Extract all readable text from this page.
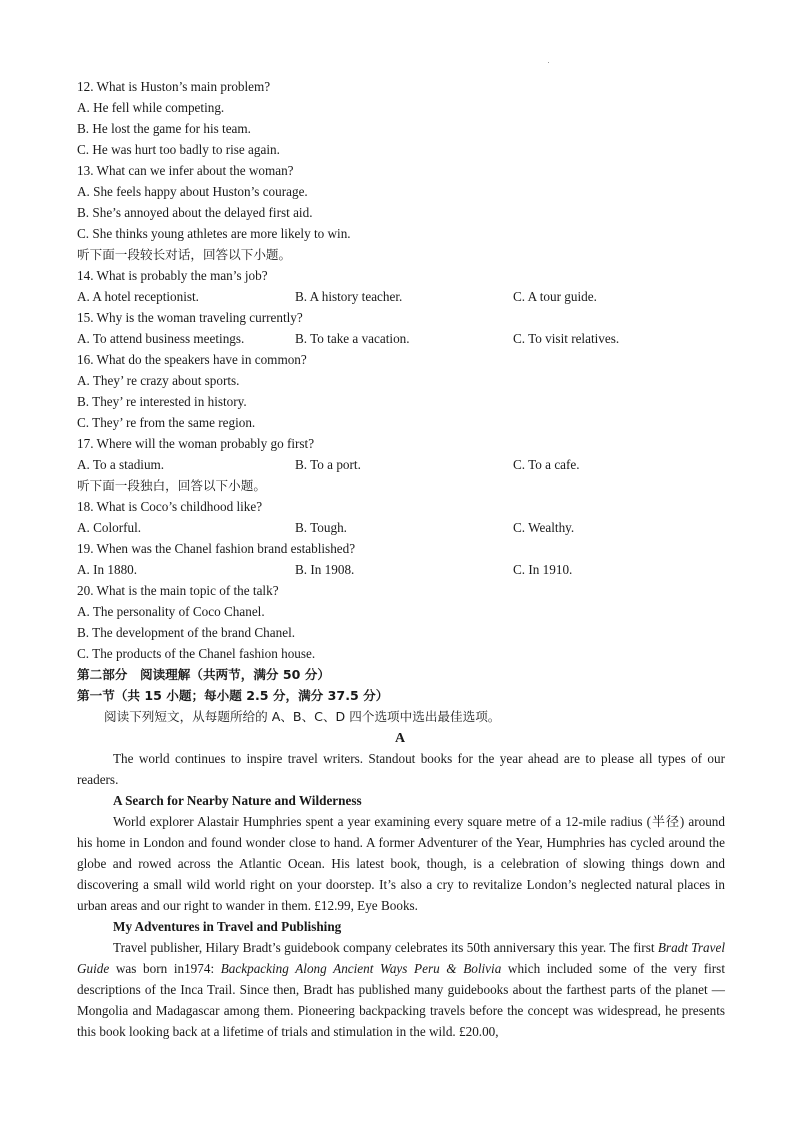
12. What is Huston’s main problem?
A. He fell while competing.
B. He lost the game for his team.
C. He was hurt too badly to rise again.
13. What can we infer about the woman?
A. She feels happy about Huston’s courage.
B. She’s annoyed about the delayed first aid.
C. She thinks young athletes are more likely to win.
听下面一段较长对话，回答以下小题。
14. What is probably the man’s job?
A. A hotel receptionist.	B. A history teacher.	C. A tour guide.
15. Why is the woman traveling currently?
A. To attend business meetings.	B. To take a vacation.	C. To visit relatives.
16. What do the speakers have in common?
A. They’ re crazy about sports.
B. They’ re interested in history.
C. They’ re from the same region.
17. Where will the woman probably go first?
A. To a stadium.	B. To a port.	C. To a cafe.
听下面一段独白，回答以下小题。
18. What is Coco’s childhood like?
A. Colorful.	B. Tough.	C. Wealthy.
19. When was the Chanel fashion brand established?
A. In 1880.	B. In 1908.	C. In 1910.
20. What is the main topic of the talk?
A. The personality of Coco Chanel.
B. The development of the brand Chanel.
C. The products of the Chanel fashion house.
第二部分　阅读理解（共两节，满分 50 分）
第一节（共 15 小题；每小题 2.5 分，满分 37.5 分）
阅读下列短文，从每题所给的 A、B、C、D 四个选项中选出最佳选项。
A
The world continues to inspire travel writers. Standout books for the year ahead are to please all types of our readers.
A Search for Nearby Nature and Wilderness
World explorer Alastair Humphries spent a year examining every square metre of a 12-mile radius (半径) around his home in London and found wonder close to hand. A former Adventurer of the Year, Humphries has cycled around the globe and rowed across the Atlantic Ocean. His latest book, though, is a celebration of slowing things down and discovering a small wild world right on your doorstep. It’s also a cry to revitalize London’s neglected natural places in urban areas and our right to wander in them. £12.99, Eye Books.
My Adventures in Travel and Publishing
Travel publisher, Hilary Bradt’s guidebook company celebrates its 50th anniversary this year. The first Bradt Travel Guide was born in1974: Backpacking Along Ancient Ways Peru & Bolivia which included some of the very first descriptions of the Inca Trail. Since then, Bradt has published many guidebooks about the farthest parts of the planet — Mongolia and Madagascar among them. Pioneering backpacking travels before the concept was widespread, he presents this book looking back at a lifetime of trials and stimulation in the wild. £20.00,
